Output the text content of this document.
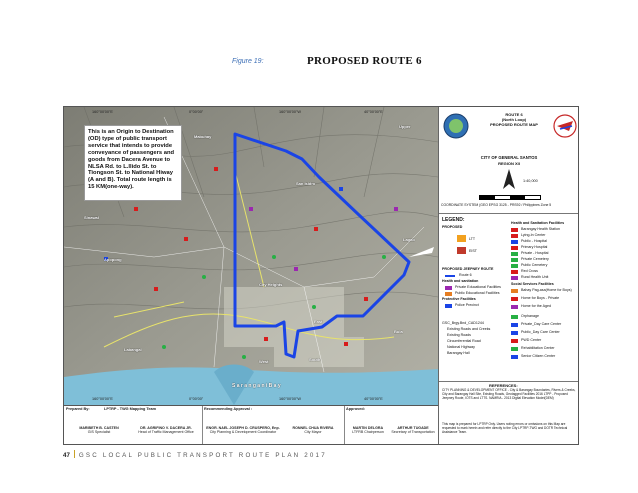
Figure 19:	PROPOSED ROUTE 6
This is an Origin to Destination (OD) type of public transport service that intends to provide conveyance of passengers and goods from Dacera Avenue to NLSA Rd. to L.llido St. to Tiongson St. to National Hiway (A and B). Total route length is 15 KM(one-way).
Mabuhay
San Isidro
Sinawal
Apopong
City Heights
Lagao
Labangal
West	South
East
Bula
Upper
S a r a n g a n i B a y
160°00'00"E	0°00'00"	160°00'00"W	40°00'00"E
160°00'00"E	0°00'00"	160°00'00"W	40°00'00"E
Prepared By:	LPTRP - TWG Mapping Team	Recommending Approval :	Approved:
MARIBETH B. CASTEN
GIS Specialist
DR. AGRIFINO V. DACERA JR.
Head of Traffic Management Office
ENGR. NAEL JOSEPH D. CRUSPERO, Enp.
City Planning & Development Coordinator
RONNEL CHUA RIVERA
City Mayor
MARTIN DELGRA
LTFRB Chairperson
ARTHUR TUGADE
Secretary of Transportation
ROUTE 6
(North Loop)
PROPOSED ROUTE MAP
CITY OF GENERAL SANTOS
REGION XII
1:40,000
COORDINATE SYSTEM (GEO EPSG 3125 - PRS92 / Philippines Zone 5
LEGEND:
PROPOSED
LTT
EIST
PROPOSED JEEPNEY ROUTE
Route 6
Health and sanitation
Private Educational Facilities
Public Educational Facilities
Protective Facilities
Police Precinct
GSC_Brgy.Bnd_CAD1244
Existing Roads and Creeks
Existing Roads
Circumferential Road
National Highway
Barangay Hall
Health and Sanitation Facilities
Barangay Health Station
Lying-In Center
Public - Hospital
Primary Hospital
Private - Hospital
Private Cemetery
Public Cemetery
Red Cross
Rural Health Unit
Social Services Facilities
Bahay Pag-asa(Home for Boys)
Home for Boys - Private
Home for the Aged
Orphanage
Private_Day Care Center
Public_Day Care Center
PWD Center
Rehabilitation Center
Senior Citizen Center
REFERENCES:
CITY PLANNING & DEVELOPMENT OFFICE - City & Barangay Boundaries, Rivers & Creeks, City and Barangay Hall Site, Existing Roads, Geotagged Facilities 2016 LTPP - Proposed Jeepney Route, IOTS and LTTS. NAMRIA - 2013 Digital Elevation Model(DEM)
This map is prepared for LPTRP Only. Users noting errors or omissions on this Map are requested to mark herein and refer directly to the City LPTRP-TWG and DOTR Technical Assistance Team.
47 GSC LOCAL PUBLIC TRANSPORT ROUTE PLAN 2017
